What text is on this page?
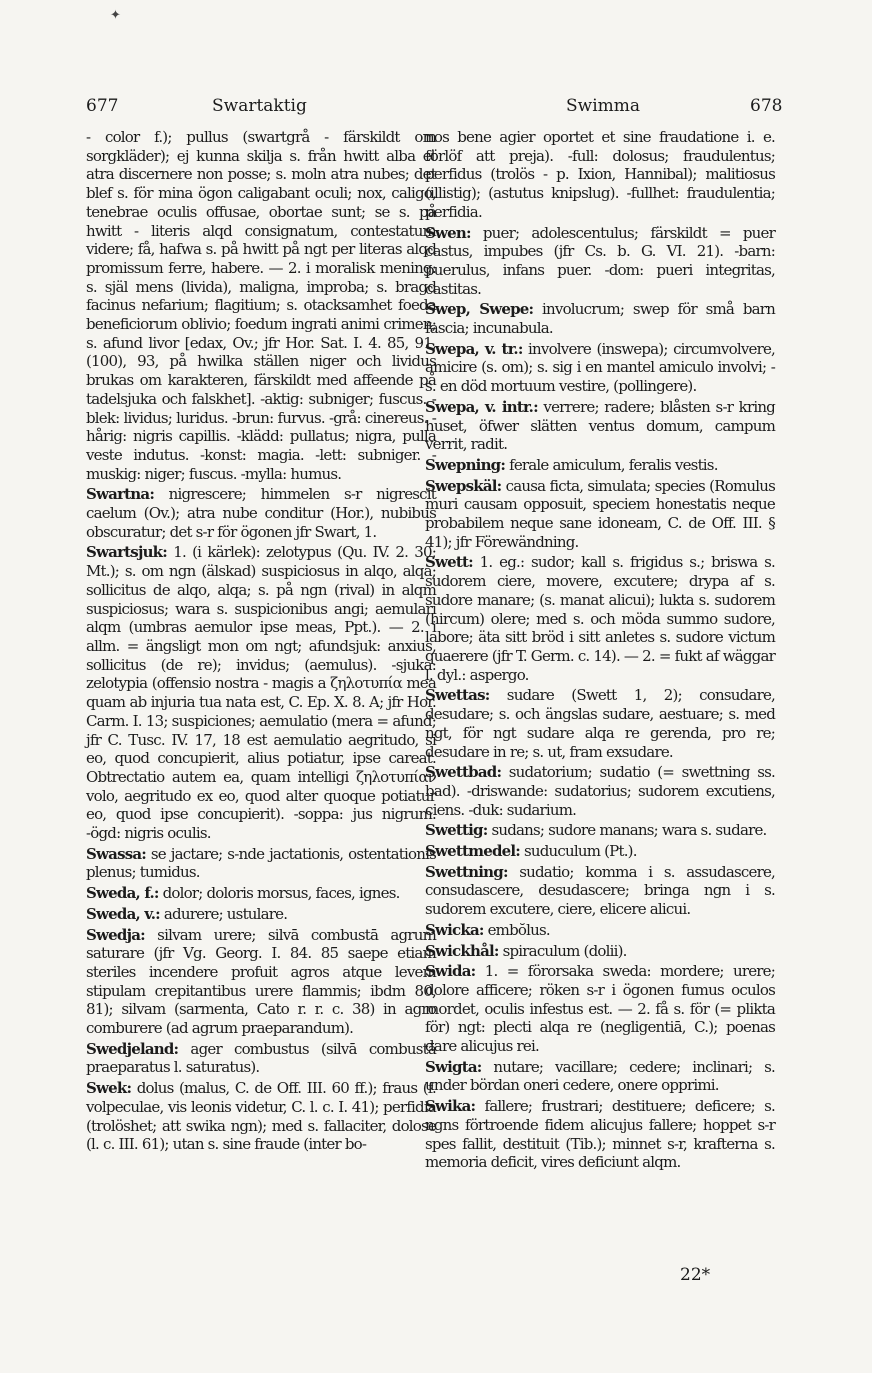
✦
677	Swartaktig	Swimma	678

- color f.); pullus (swartgrå - färskildt om sorgkläder); ej kunna skilja s. från hwitt alba et atra discernere non posse; s. moln atra nubes; det blef s. för mina ögon caligabant oculi; nox, caligo, tenebrae oculis offusae, obortae sunt; se s. på hwitt - literis alqd consignatum, contestatum videre; få, hafwa s. på hwitt på ngt per literas alqd promissum ferre, habere. — 2. i moralisk mening: s. själ mens (livida), maligna, improba; s. bragd facinus nefarium; flagitium; s. otacksamhet foeda beneficiorum oblivio; foedum ingrati animi crimen; s. afund livor [edax, Ov.; jfr Hor. Sat. I. 4. 85, 91, (100), 93, på hwilka ställen niger och lividus brukas om karakteren, färskildt med affeende på tadelsjuka och falskhet]. -aktig: subniger; fuscus. -blek: lividus; luridus. -brun: furvus. -grå: cinereus. -hårig: nigris capillis. -klädd: pullatus; nigra, pulla veste indutus. -konst: magia. -lett: subniger. -muskig: niger; fuscus. -mylla: humus.

Swartna: nigrescere; himmelen s-r nigrescit caelum (Ov.); atra nube conditur (Hor.), nubibus obscuratur; det s-r för ögonen jfr Swart, 1.

Swartsjuk: 1. (i kärlek): zelotypus (Qu. IV. 2. 30; Mt.); s. om ngn (älskad) suspiciosus in alqo, alqa; sollicitus de alqo, alqa; s. på ngn (rival) in alqm suspiciosus; wara s. suspicionibus angi; aemulari alqm (umbras aemulor ipse meas, Ppt.). — 2. i allm. = ängsligt mon om ngt; afundsjuk: anxius, sollicitus (de re); invidus; (aemulus). -sjuka: zelotypia (offensio nostra - magis a ζηλοτυπία mea quam ab injuria tua nata est, C. Ep. X. 8. A; jfr Hor. Carm. I. 13; suspiciones; aemulatio (mera = afund; jfr C. Tusc. IV. 17, 18 est aemulatio aegritudo, si eo, quod concupierit, alius potiatur, ipse careat. Obtrectatio autem ea, quam intelligi ζηλοτυπίαν volo, aegritudo ex eo, quod alter quoque potiatur eo, quod ipse concupierit). -soppa: jus nigrum. -ögd: nigris oculis.

Swassa: se jactare; s-nde jactationis, ostentationis plenus; tumidus.

Sweda, f.: dolor; doloris morsus, faces, ignes.

Sweda, v.: adurere; ustulare.

Swedja: silvam urere; silvā combustā agrum saturare (jfr Vg. Georg. I. 84. 85 saepe etiam steriles incendere profuit agros atque levem stipulam crepitantibus urere flammis; ibdm 80, 81); silvam (sarmenta, Cato r. r. c. 38) in agro comburere (ad agrum praeparandum).

Swedjeland: ager combustus (silvā combustā praeparatus l. saturatus).

Swek: dolus (malus, C. de Off. III. 60 ff.); fraus (f. volpeculae, vis leonis videtur, C. l. c. I. 41); perfidia (trolöshet; att swika ngn); med s. fallaciter, dolose (l. c. III. 61); utan s. sine fraude (inter bo-

nos bene agier oportet et sine fraudatione i. e. förlöf att preja). -full: dolosus; fraudulentus; perfidus (trolös - p. Ixion, Hannibal); malitiosus (illistig); (astutus knipslug). -fullhet: fraudulentia; perfidia.

Swen: puer; adolescentulus; färskildt = puer castus, impubes (jfr Cs. b. G. VI. 21). -barn: puerulus, infans puer. -dom: pueri integritas, castitas.

Swep, Swepe: involucrum; swep för små barn fascia; incunabula.

Swepa, v. tr.: involvere (inswepa); circumvolvere, amicire (s. om); s. sig i en mantel amiculo involvi; - s. en död mortuum vestire, (pollingere).

Swepa, v. intr.: verrere; radere; blåsten s-r kring huset, öfwer slätten ventus domum, campum verrit, radit.

Swepning: ferale amiculum, feralis vestis.

Swepskäl: causa ficta, simulata; species (Romulus muri causam opposuit, speciem honestatis neque probabilem neque sane idoneam, C. de Off. III. § 41); jfr Förewändning.

Swett: 1. eg.: sudor; kall s. frigidus s.; briswa s. sudorem ciere, movere, excutere; drypa af s. sudore manare; (s. manat alicui); lukta s. sudorem (hircum) olere; med s. och möda summo sudore, labore; äta sitt bröd i sitt anletes s. sudore victum quaerere (jfr T. Germ. c. 14). — 2. = fukt af wäggar l. dyl.: aspergo.

Swettas: sudare (Swett 1, 2); consudare, desudare; s. och ängslas sudare, aestuare; s. med ngt, för ngt sudare alqa re gerenda, pro re; desudare in re; s. ut, fram exsudare.

Swettbad: sudatorium; sudatio (= swettning ss. bad). -driswande: sudatorius; sudorem excutiens, ciens. -duk: sudarium.

Swettig: sudans; sudore manans; wara s. sudare.

Swettmedel: suduculum (Pt.).

Swettning: sudatio; komma i s. assudascere, consudascere, desudascere; bringa ngn i s. sudorem excutere, ciere, elicere alicui.

Swicka: embŏlus.

Swickhål: spiraculum (dolii).

Swida: 1. = förorsaka sweda: mordere; urere; dolore afficere; röken s-r i ögonen fumus oculos mordet, oculis infestus est. — 2. få s. för (= plikta för) ngt: plecti alqa re (negligentiā, C.); poenas dare alicujus rei.

Swigta: nutare; vacillare; cedere; inclinari; s. under bördan oneri cedere, onere opprimi.

Swika: fallere; frustrari; destituere; deficere; s. ngns förtroende fidem alicujus fallere; hoppet s-r spes fallit, destituit (Tib.); minnet s-r, krafterna s. memoria deficit, vires deficiunt alqm.

22*
